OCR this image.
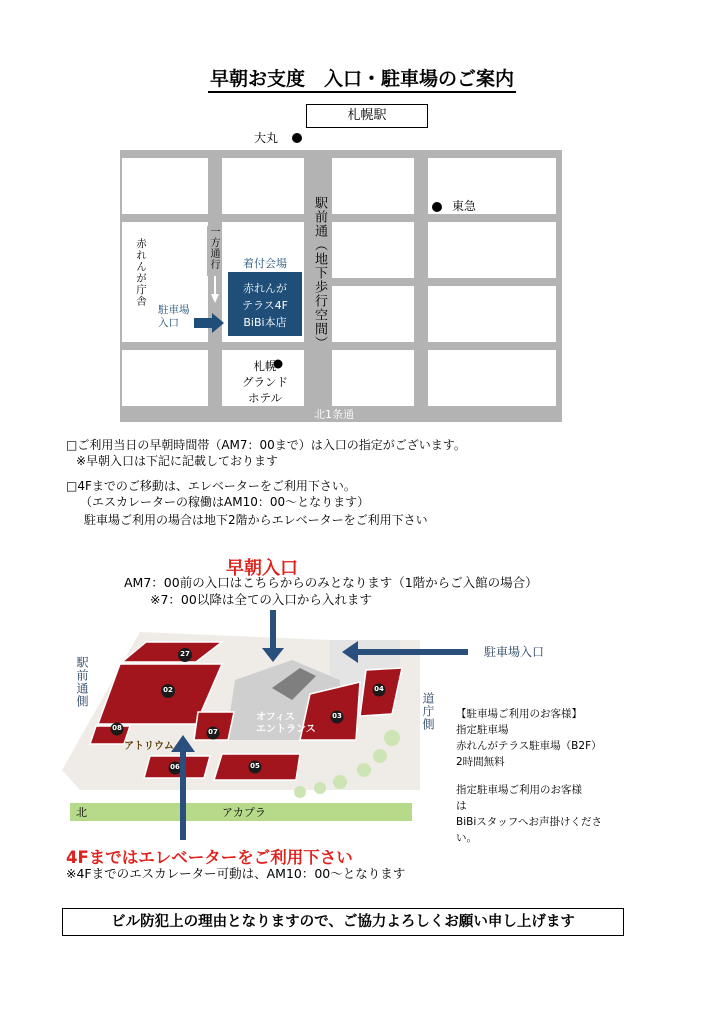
早朝お支度　入口・駐車場のご案内
札幌駅
大丸
東急
駅前通（地下歩行空間）
一方通行
赤れんが庁舎
駐車場入口
着付会場
赤れんが
テラス4F
BiBi本店
札幌
グランド
ホテル
北1条通
□ご利用当日の早朝時間帯（AM7：00まで）は入口の指定がございます。
※早朝入口は下記に記載しております
□4Fまでのご移動は、エレベーターをご利用下さい。
（エスカレーターの稼働はAM10：00〜となります）
駐車場ご利用の場合は地下2階からエレベーターをご利用下さい
早朝入口
AM7：00前の入口はこちらからのみとなります（1階からご入館の場合）
※7：00以降は全ての入口から入れます
駅前通側
道庁側
駐車場入口
北	アカプラ
アトリウム
オフィス
エントランス
27
02
08	07
06	05
03
04
【駐車場ご利用のお客様】
指定駐車場
赤れんがテラス駐車場（B2F）
2時間無料
指定駐車場ご利用のお客様
は
BiBiスタッフへお声掛けくださ
い。
4Fまではエレベーターをご利用下さい
※4Fまでのエスカレーター可動は、AM10：00〜となります
ビル防犯上の理由となりますので、ご協力よろしくお願い申し上げます
